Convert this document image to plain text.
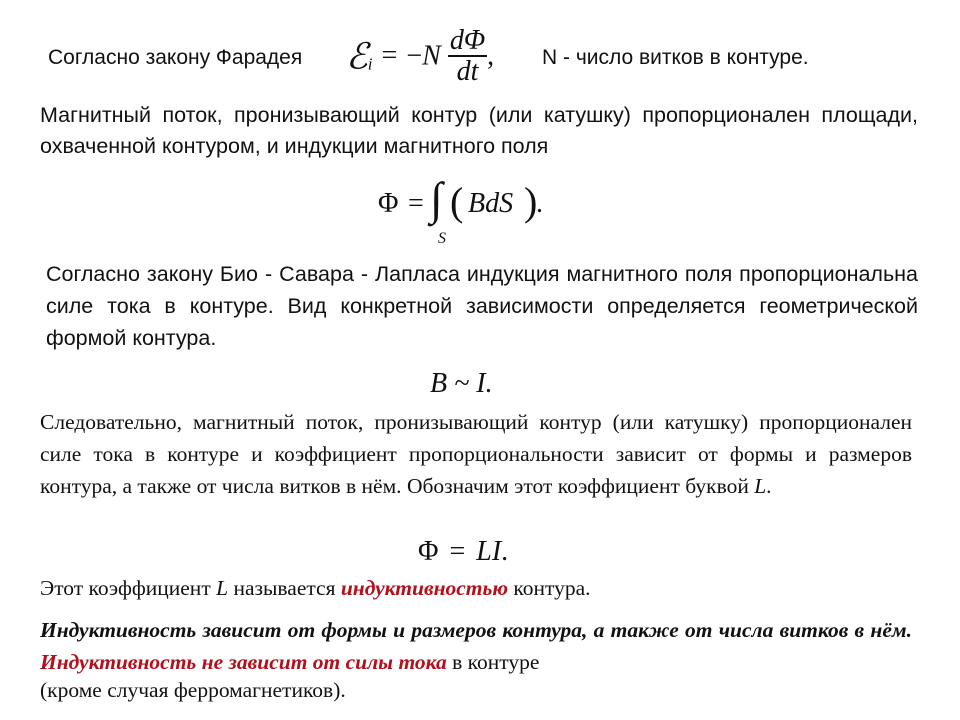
Согласно закону Фарадея ℰ$_i$ = $-N \frac{d\Phi}{dt}$ , N - число витков в контуре.
Магнитный поток, пронизывающий контур (или катушку) пропорционален площади, охваченной контуром, и индукции магнитного поля
Φ = ∫
S
( BdS )
.
Согласно закону Био - Савара - Лапласа индукция магнитного поля пропорциональна силе тока в контуре. Вид конкретной зависимости определяется геометрической формой контура.
B ~ I.
Следовательно, магнитный поток, пронизывающий контур (или катушку) пропорционален силе тока в контуре и коэффициент пропорциональности зависит от формы и размеров контура, а также от числа витков в нём. Обозначим этот коэффициент буквой L.
Φ = LI.
Этот коэффициент L называется индуктивностью контура.
Индуктивность зависит от формы и размеров контура, а также от числа витков в нём. Индуктивность не зависит от силы тока в контуре
(кроме случая ферромагнетиков).
